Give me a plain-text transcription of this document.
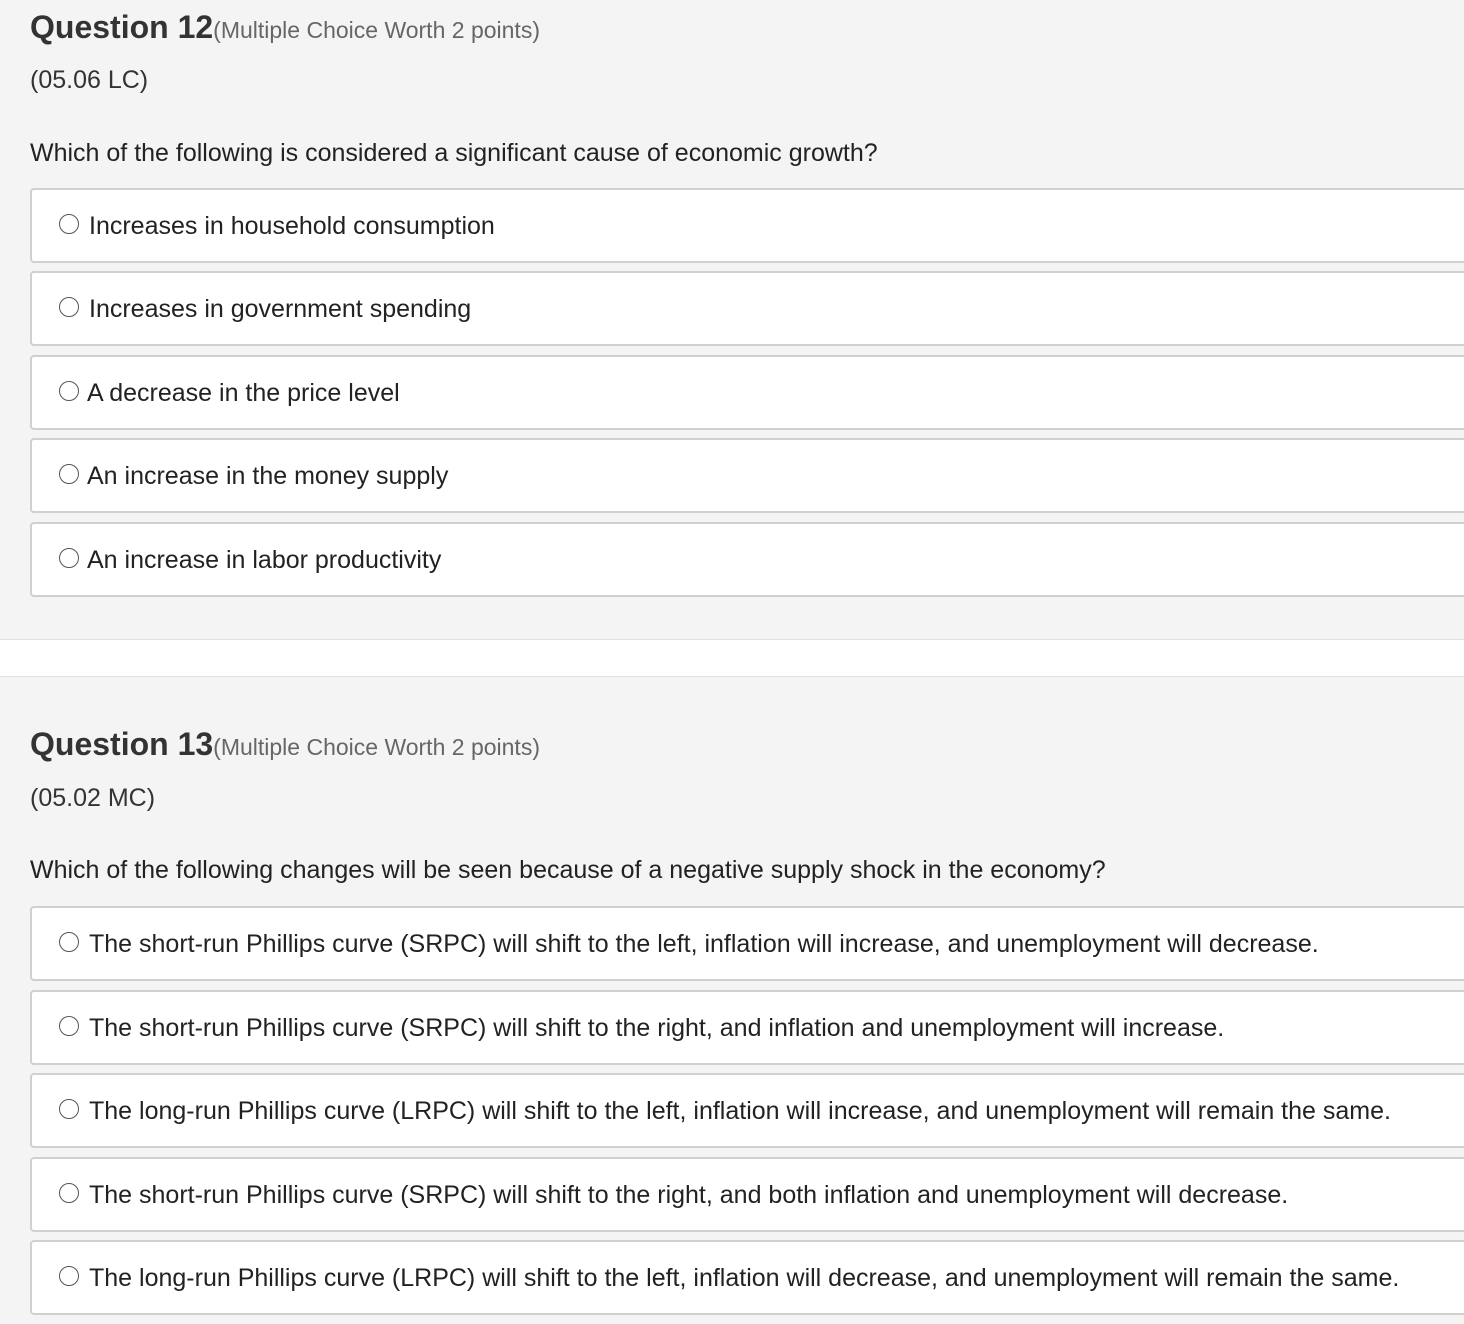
Question 12(Multiple Choice Worth 2 points)
(05.06 LC)
Which of the following is considered a significant cause of economic growth?
Increases in household consumption
Increases in government spending
A decrease in the price level
An increase in the money supply
An increase in labor productivity
Question 13(Multiple Choice Worth 2 points)
(05.02 MC)
Which of the following changes will be seen because of a negative supply shock in the economy?
The short-run Phillips curve (SRPC) will shift to the left, inflation will increase, and unemployment will decrease.
The short-run Phillips curve (SRPC) will shift to the right, and inflation and unemployment will increase.
The long-run Phillips curve (LRPC) will shift to the left, inflation will increase, and unemployment will remain the same.
The short-run Phillips curve (SRPC) will shift to the right, and both inflation and unemployment will decrease.
The long-run Phillips curve (LRPC) will shift to the left, inflation will decrease, and unemployment will remain the same.
